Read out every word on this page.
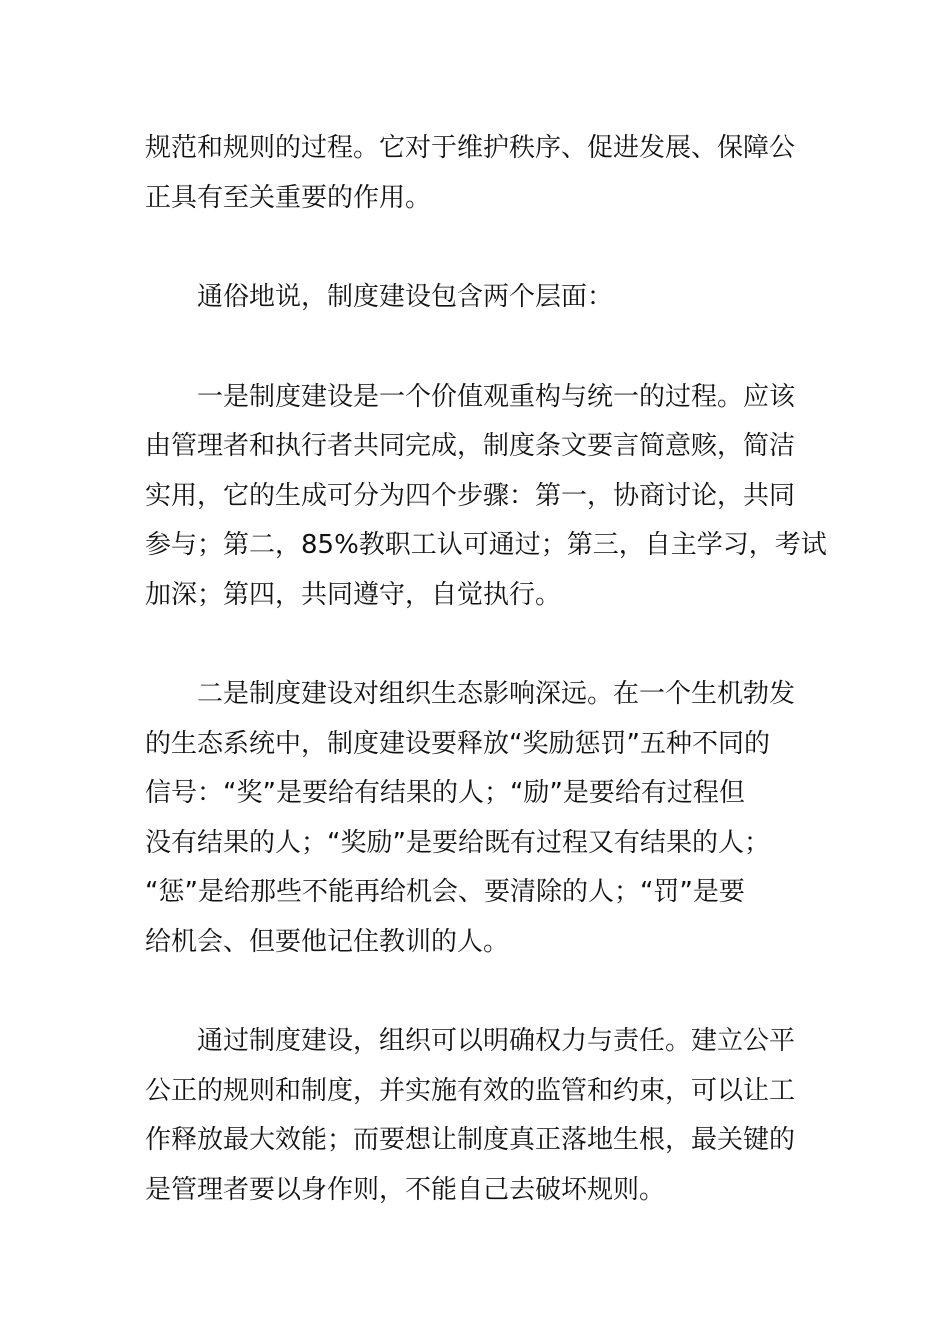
规范和规则的过程。它对于维护秩序、促进发展、保障公
正具有至关重要的作用。
通俗地说，制度建设包含两个层面：
一是制度建设是一个价值观重构与统一的过程。应该
由管理者和执行者共同完成，制度条文要言简意赅，简洁
实用，它的生成可分为四个步骤：第一，协商讨论，共同
参与；第二，85%教职工认可通过；第三，自主学习，考试
加深；第四，共同遵守，自觉执行。
二是制度建设对组织生态影响深远。在一个生机勃发
的生态系统中，制度建设要释放“奖励惩罚”五种不同的
信号：“奖”是要给有结果的人；“励”是要给有过程但
没有结果的人；“奖励”是要给既有过程又有结果的人；
“惩”是给那些不能再给机会、要清除的人；“罚”是要
给机会、但要他记住教训的人。
通过制度建设，组织可以明确权力与责任。建立公平
公正的规则和制度，并实施有效的监管和约束，可以让工
作释放最大效能；而要想让制度真正落地生根，最关键的
是管理者要以身作则，不能自己去破坏规则。
